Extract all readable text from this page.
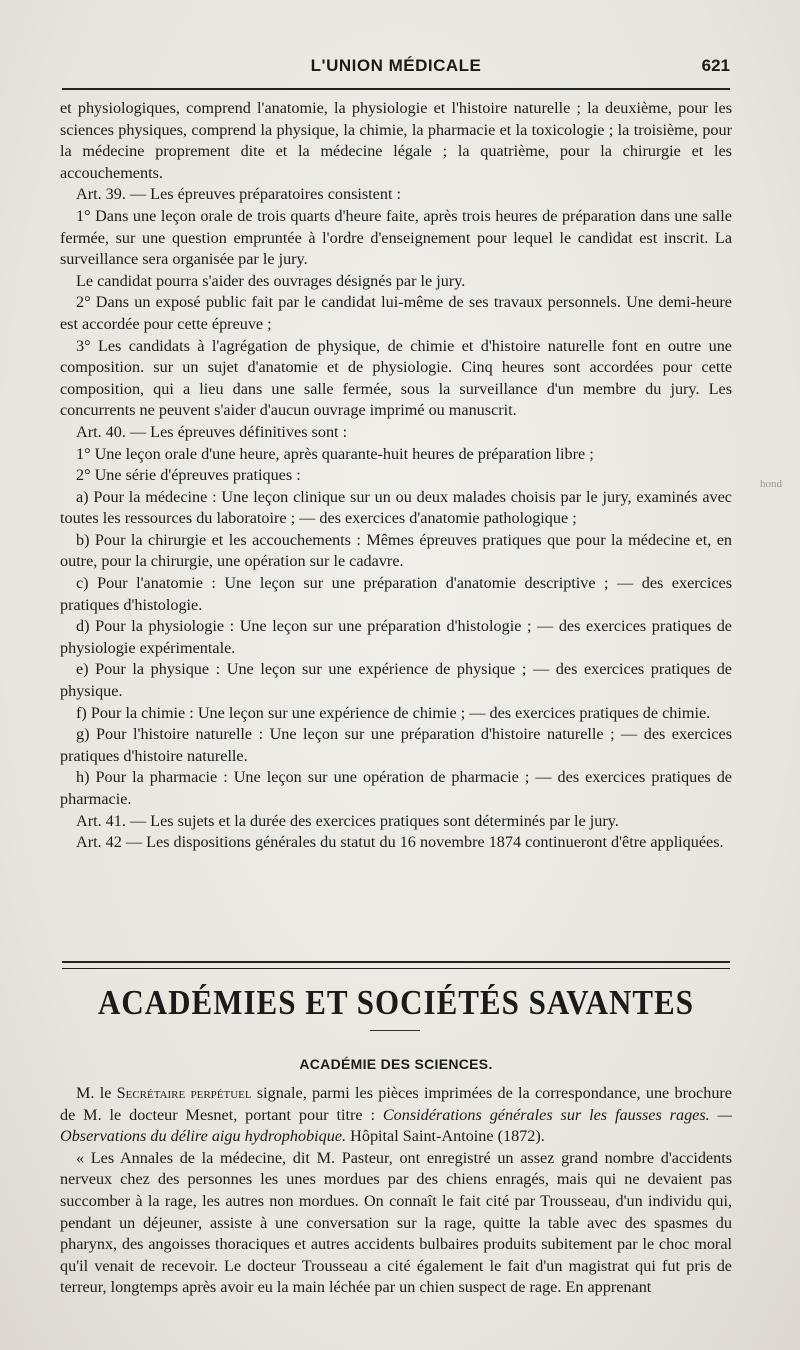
L'UNION MÉDICALE	621

et physiologiques, comprend l'anatomie, la physiologie et l'histoire naturelle ; la deuxième, pour les sciences physiques, comprend la physique, la chimie, la pharmacie et la toxicologie ; la troisième, pour la médecine proprement dite et la médecine légale ; la quatrième, pour la chirurgie et les accouchements.

Art. 39. — Les épreuves préparatoires consistent :

1° Dans une leçon orale de trois quarts d'heure faite, après trois heures de préparation dans une salle fermée, sur une question empruntée à l'ordre d'enseignement pour lequel le candidat est inscrit. La surveillance sera organisée par le jury.

Le candidat pourra s'aider des ouvrages désignés par le jury.

2° Dans un exposé public fait par le candidat lui-même de ses travaux personnels. Une demi-heure est accordée pour cette épreuve ;

3° Les candidats à l'agrégation de physique, de chimie et d'histoire naturelle font en outre une composition. sur un sujet d'anatomie et de physiologie. Cinq heures sont accordées pour cette composition, qui a lieu dans une salle fermée, sous la surveillance d'un membre du jury. Les concurrents ne peuvent s'aider d'aucun ouvrage imprimé ou manuscrit.

Art. 40. — Les épreuves définitives sont :

1° Une leçon orale d'une heure, après quarante-huit heures de préparation libre ;

2° Une série d'épreuves pratiques :

a) Pour la médecine : Une leçon clinique sur un ou deux malades choisis par le jury, examinés avec toutes les ressources du laboratoire ; — des exercices d'anatomie pathologique ;

b) Pour la chirurgie et les accouchements : Mêmes épreuves pratiques que pour la médecine et, en outre, pour la chirurgie, une opération sur le cadavre.

c) Pour l'anatomie : Une leçon sur une préparation d'anatomie descriptive ; — des exercices pratiques d'histologie.

d) Pour la physiologie : Une leçon sur une préparation d'histologie ; — des exercices pratiques de physiologie expérimentale.

e) Pour la physique : Une leçon sur une expérience de physique ; — des exercices pratiques de physique.

f) Pour la chimie : Une leçon sur une expérience de chimie ; — des exercices pratiques de chimie.

g) Pour l'histoire naturelle : Une leçon sur une préparation d'histoire naturelle ; — des exercices pratiques d'histoire naturelle.

h) Pour la pharmacie : Une leçon sur une opération de pharmacie ; — des exercices pratiques de pharmacie.

Art. 41. — Les sujets et la durée des exercices pratiques sont déterminés par le jury.

Art. 42 — Les dispositions générales du statut du 16 novembre 1874 continueront d'être appliquées.

ACADÉMIES ET SOCIÉTÉS SAVANTES
ACADÉMIE DES SCIENCES.

M. le Secrétaire perpétuel signale, parmi les pièces imprimées de la correspondance, une brochure de M. le docteur Mesnet, portant pour titre : Considérations générales sur les fausses rages. — Observations du délire aigu hydrophobique. Hôpital Saint-Antoine (1872).

« Les Annales de la médecine, dit M. Pasteur, ont enregistré un assez grand nombre d'accidents nerveux chez des personnes les unes mordues par des chiens enragés, mais qui ne devaient pas succomber à la rage, les autres non mordues. On connaît le fait cité par Trousseau, d'un individu qui, pendant un déjeuner, assiste à une conversation sur la rage, quitte la table avec des spasmes du pharynx, des angoisses thoraciques et autres accidents bulbaires produits subitement par le choc moral qu'il venait de recevoir. Le docteur Trousseau a cité également le fait d'un magistrat qui fut pris de terreur, longtemps après avoir eu la main léchée par un chien suspect de rage. En apprenant

hond
